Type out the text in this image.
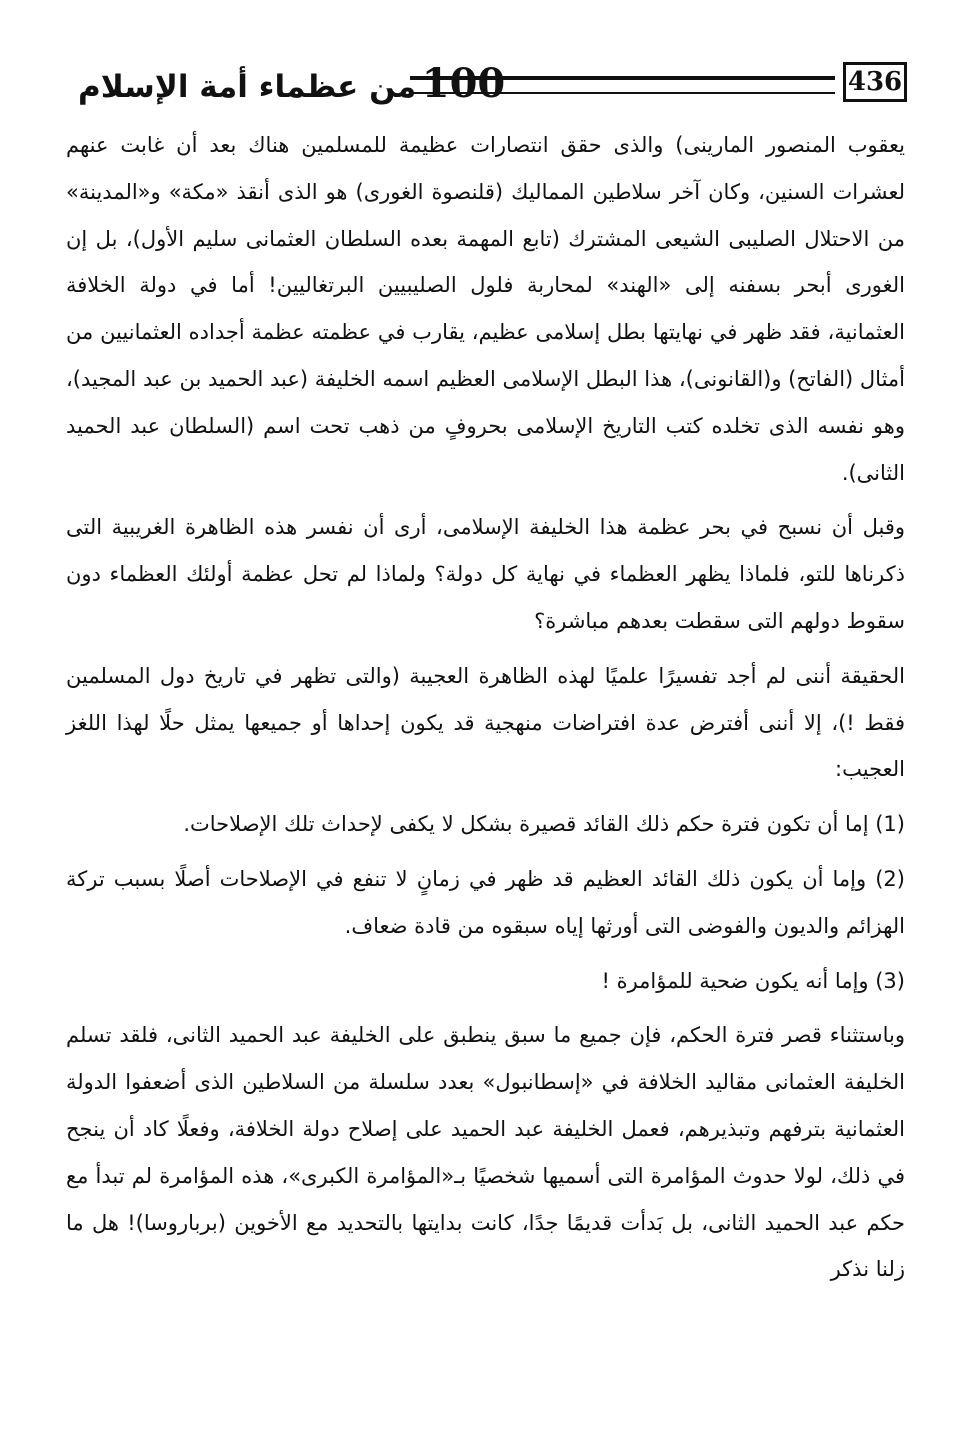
436
100 من عظماء أمة الإسلام

يعقوب المنصور المارينى) والذى حقق انتصارات عظيمة للمسلمين هناك بعد أن غابت عنهم لعشرات السنين، وكان آخر سلاطين المماليك (قلنصوة الغورى) هو الذى أنقذ «مكة» و«المدينة» من الاحتلال الصليبى الشيعى المشترك (تابع المهمة بعده السلطان العثمانى سليم الأول)، بل إن الغورى أبحر بسفنه إلى «الهند» لمحاربة فلول الصليبيين البرتغاليين! أما في دولة الخلافة العثمانية، فقد ظهر في نهايتها بطل إسلامى عظيم، يقارب في عظمته عظمة أجداده العثمانيين من أمثال (الفاتح) و(القانونى)، هذا البطل الإسلامى العظيم اسمه الخليفة (عبد الحميد بن عبد المجيد)، وهو نفسه الذى تخلده كتب التاريخ الإسلامى بحروفٍ من ذهب تحت اسم (السلطان عبد الحميد الثانى).

وقبل أن نسبح في بحر عظمة هذا الخليفة الإسلامى، أرى أن نفسر هذه الظاهرة الغريبية التى ذكرناها للتو، فلماذا يظهر العظماء في نهاية كل دولة؟ ولماذا لم تحل عظمة أولئك العظماء دون سقوط دولهم التى سقطت بعدهم مباشرة؟

الحقيقة أننى لم أجد تفسيرًا علميًا لهذه الظاهرة العجيبة (والتى تظهر في تاريخ دول المسلمين فقط !)، إلا أننى أفترض عدة افتراضات منهجية قد يكون إحداها أو جميعها يمثل حلًا لهذا اللغز العجيب:

(1) إما أن تكون فترة حكم ذلك القائد قصيرة بشكل لا يكفى لإحداث تلك الإصلاحات.

(2) وإما أن يكون ذلك القائد العظيم قد ظهر في زمانٍ لا تنفع في الإصلاحات أصلًا بسبب تركة الهزائم والديون والفوضى التى أورثها إياه سبقوه من قادة ضعاف.

(3) وإما أنه يكون ضحية للمؤامرة !

وباستثناء قصر فترة الحكم، فإن جميع ما سبق ينطبق على الخليفة عبد الحميد الثانى، فلقد تسلم الخليفة العثمانى مقاليد الخلافة في «إسطانبول» بعدد سلسلة من السلاطين الذى أضعفوا الدولة العثمانية بترفهم وتبذيرهم، فعمل الخليفة عبد الحميد على إصلاح دولة الخلافة، وفعلًا كاد أن ينجح في ذلك، لولا حدوث المؤامرة التى أسميها شخصيًا بـ«المؤامرة الكبرى»، هذه المؤامرة لم تبدأ مع حكم عبد الحميد الثانى، بل بَدأت قديمًا جدًا، كانت بدايتها بالتحديد مع الأخوين (برباروسا)! هل ما زلنا نذكر
